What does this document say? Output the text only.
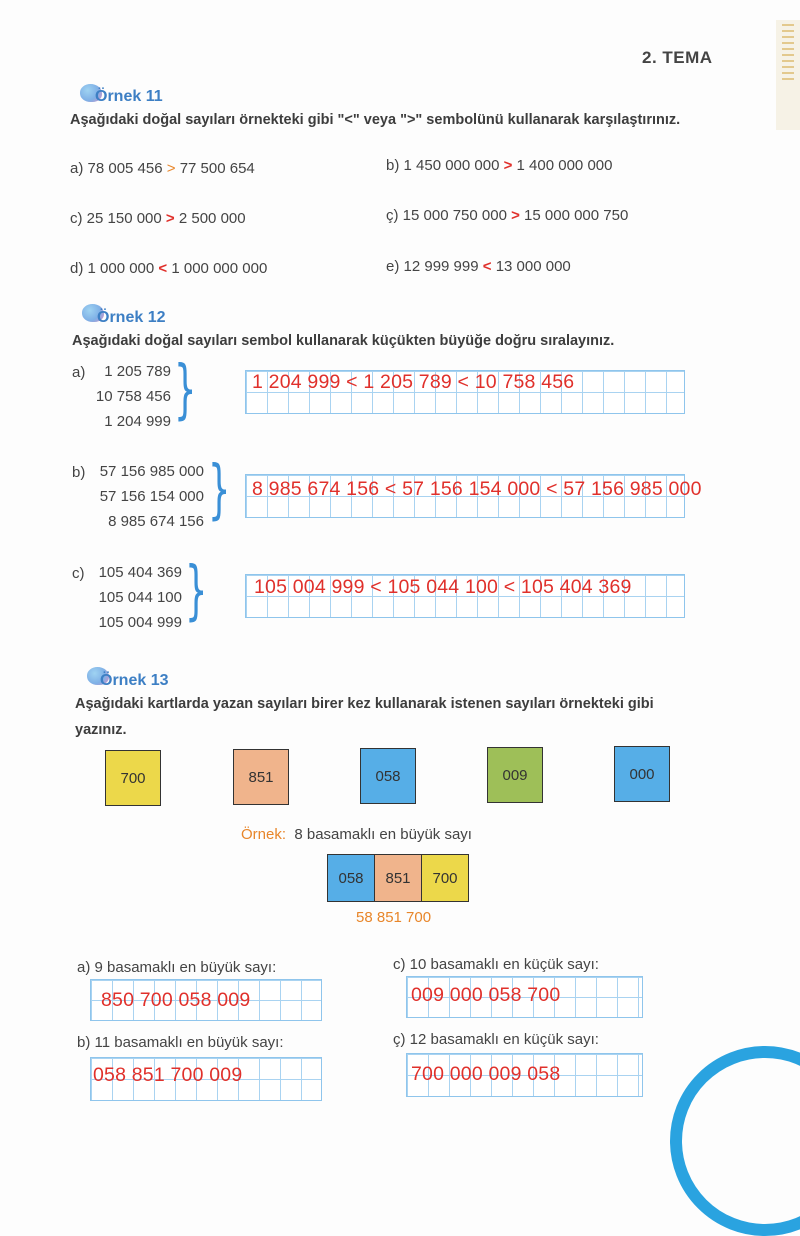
2. TEMA
Örnek 11
Aşağıdaki doğal sayıları örnekteki gibi "<" veya ">" sembolünü kullanarak karşılaştırınız.
a) 78 005 456 > 77 500 654	b) 1 450 000 000 > 1 400 000 000
c) 25 150 000 > 2 500 000	ç) 15 000 750 000 > 15 000 000 750
d) 1 000 000 < 1 000 000 000	e) 12 999 999 < 13 000 000
Örnek 12
Aşağıdaki doğal sayıları sembol kullanarak küçükten büyüğe doğru sıralayınız.
a)	1 205 789
10 758 456
1 204 999 }	1 204 999 < 1 205 789 < 10 758 456
b) 57 156 985 000
57 156 154 000
8 985 674 156 } 8 985 674 156 < 57 156 154 000 < 57 156 985 000
c) 105 404 369
105 044 100
105 004 999 } 105 004 999 < 105 044 100 < 105 404 369
Örnek 13
Aşağıdaki kartlarda yazan sayıları birer kez kullanarak istenen sayıları örnekteki gibi
yazınız.
700	851	058	009	000
Örnek: 8 basamaklı en büyük sayı
058	851	700
58 851 700
a) 9 basamaklı en büyük sayı:
850 700 058 009
c) 10 basamaklı en küçük sayı:
009 000 058 700
b) 11 basamaklı en büyük sayı:
058 851 700 009
ç) 12 basamaklı en küçük sayı:
700 000 009 058
